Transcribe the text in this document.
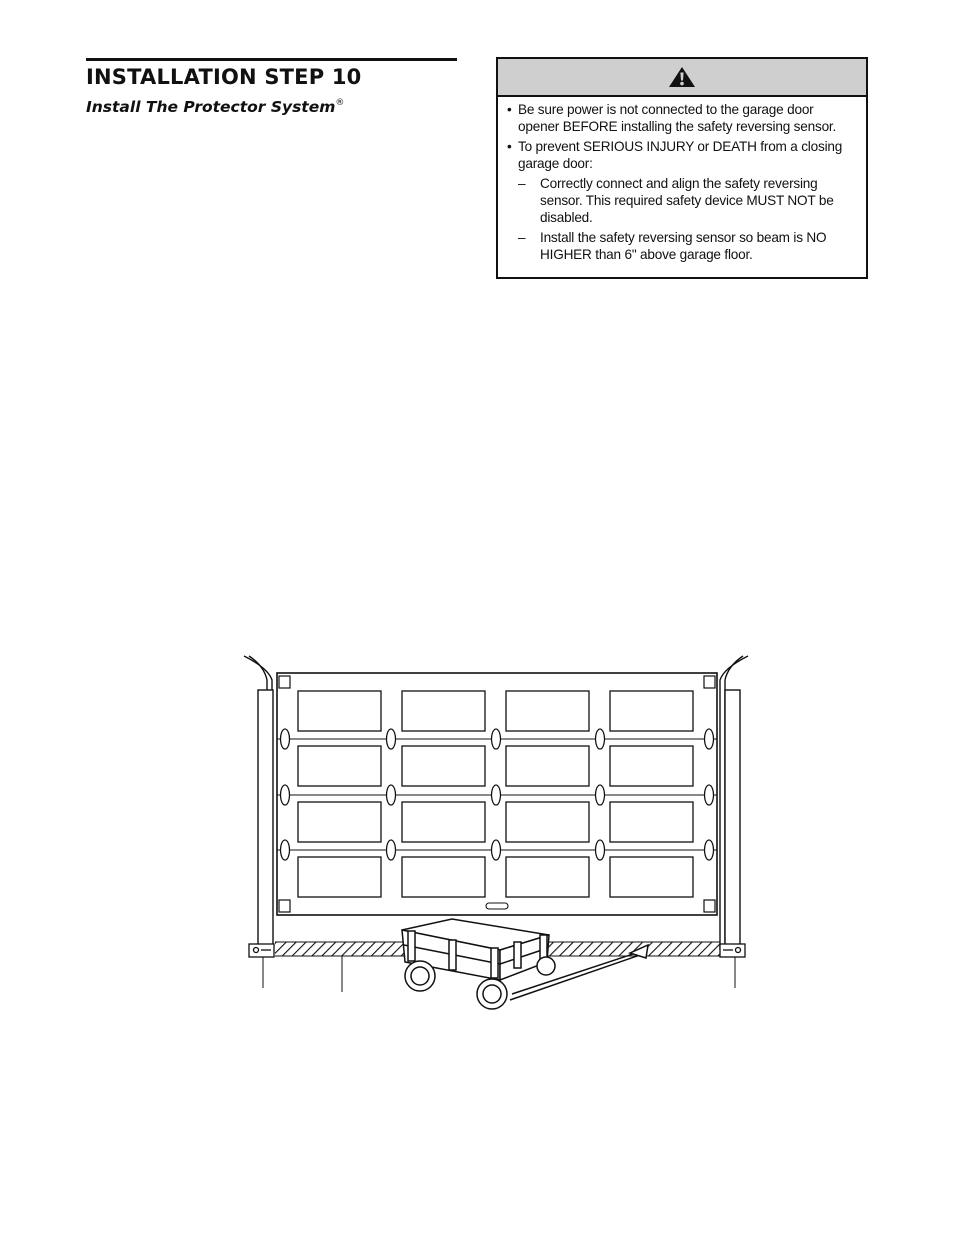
INSTALLATION STEP 10
Install The Protector System®	• Be sure power is not connected to the garage door opener BEFORE installing the safety reversing sensor.
• To prevent SERIOUS INJURY or DEATH from a closing garage door:
– Correctly connect and align the safety reversing sensor. This required safety device MUST NOT be disabled.
– Install the safety reversing sensor so beam is NO HIGHER than 6" above garage floor.
